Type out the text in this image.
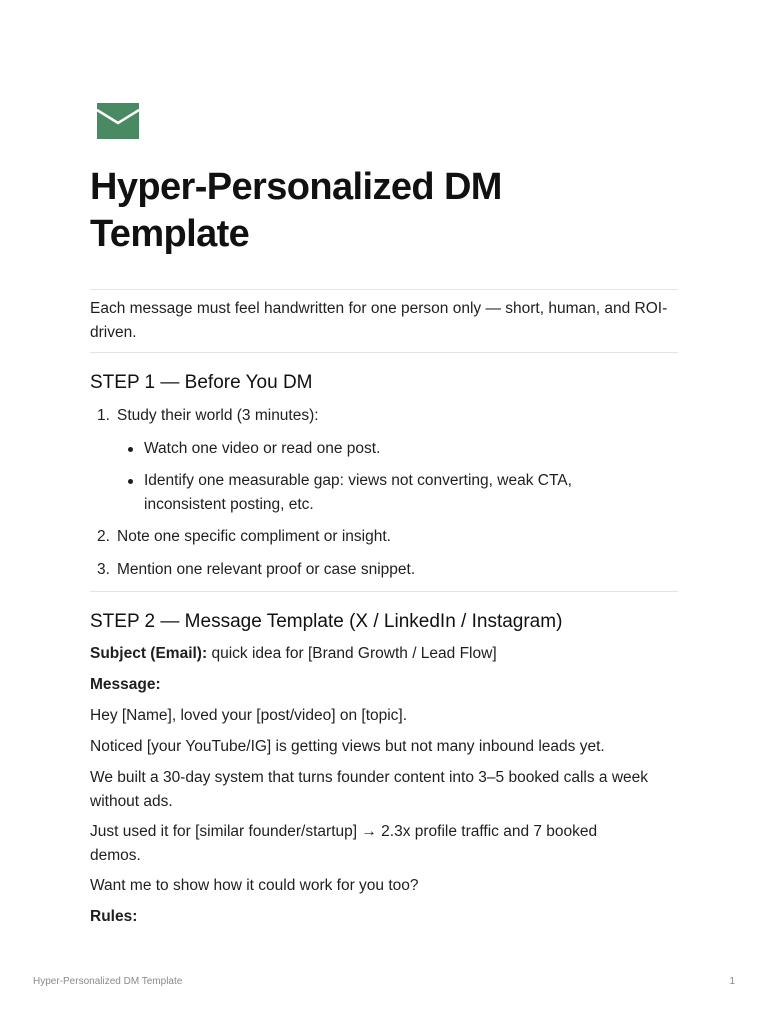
Hyper-Personalized DM Template

Each message must feel handwritten for one person only — short, human, and ROI-driven.

STEP 1 — Before You DM
1. Study their world (3 minutes):
Watch one video or read one post.
Identify one measurable gap: views not converting, weak CTA, inconsistent posting, etc.
2. Note one specific compliment or insight.
3. Mention one relevant proof or case snippet.
STEP 2 — Message Template (X / LinkedIn / Instagram)

Subject (Email): quick idea for [Brand Growth / Lead Flow]

Message:

Hey [Name], loved your [post/video] on [topic].

Noticed [your YouTube/IG] is getting views but not many inbound leads yet.

We built a 30-day system that turns founder content into 3–5 booked calls a week without ads.

Just used it for [similar founder/startup] → 2.3x profile traffic and 7 booked demos.

Want me to show how it could work for you too?

Rules:

Hyper-Personalized DM Template	1
